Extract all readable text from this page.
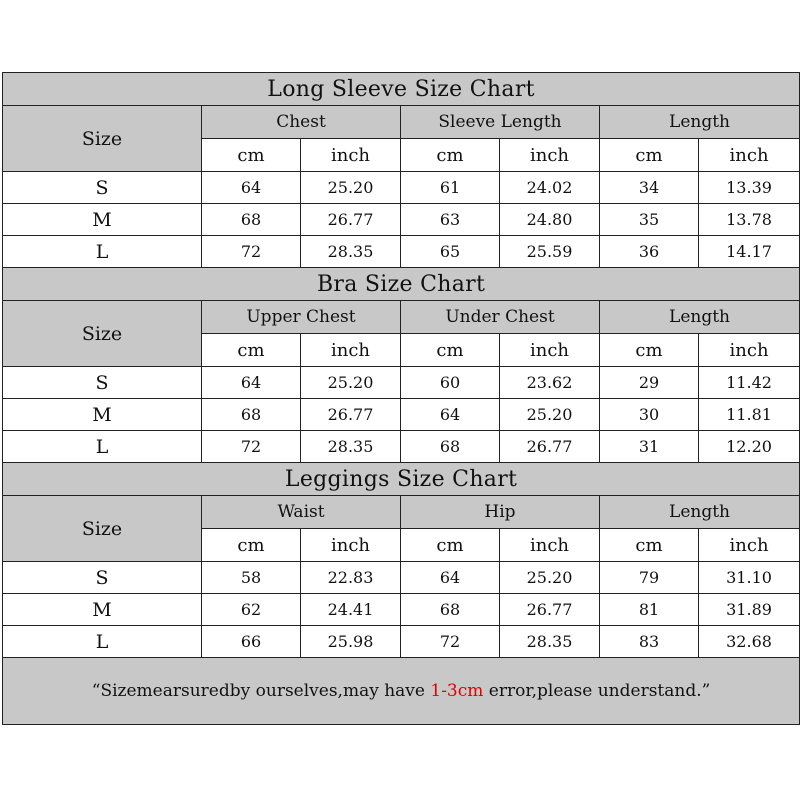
Long Sleeve Size Chart						
Size	Chest		Sleeve Length		Length	
	cm	inch	cm	inch	cm	inch
S	64	25.20	61	24.02	34	13.39
M	68	26.77	63	24.80	35	13.78
L	72	28.35	65	25.59	36	14.17
Bra Size Chart						
Size	Upper Chest		Under Chest		Length	
	cm	inch	cm	inch	cm	inch
S	64	25.20	60	23.62	29	11.42
M	68	26.77	64	25.20	30	11.81
L	72	28.35	68	26.77	31	12.20
Leggings Size Chart						
Size	Waist		Hip		Length	
	cm	inch	cm	inch	cm	inch
S	58	22.83	64	25.20	79	31.10
M	62	24.41	68	26.77	81	31.89
L	66	25.98	72	28.35	83	32.68
“Sizemearsuredby ourselves,may have 1-3cm error,please understand.”						
